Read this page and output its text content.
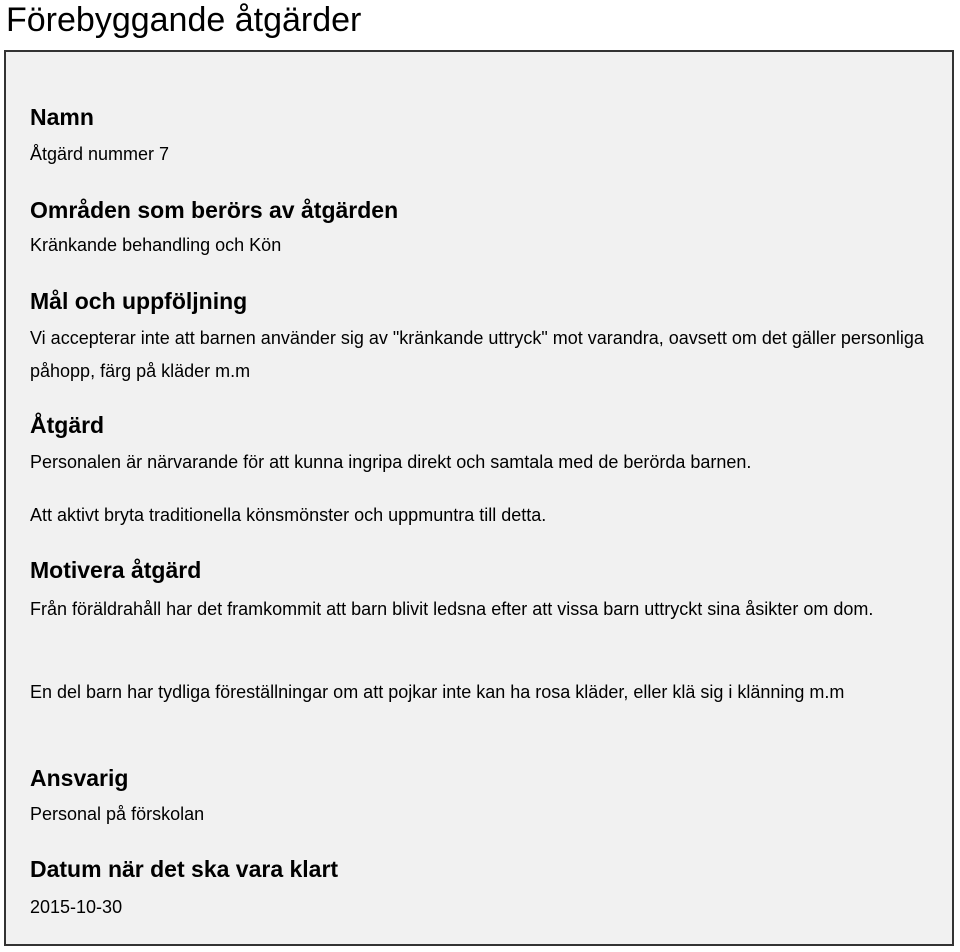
Förebyggande åtgärder
Namn

Åtgärd nummer 7

Områden som berörs av åtgärden

Kränkande behandling och Kön

Mål och uppföljning

Vi accepterar inte att barnen använder sig av "kränkande uttryck" mot varandra, oavsett om det gäller personliga påhopp, färg på kläder m.m

Åtgärd

Personalen är närvarande för att kunna ingripa direkt och samtala med de berörda barnen.

Att aktivt bryta traditionella könsmönster och uppmuntra till detta.

Motivera åtgärd

Från föräldrahåll har det framkommit att barn blivit ledsna efter att vissa barn uttryckt sina åsikter om dom.

En del barn har tydliga föreställningar om att pojkar inte kan ha rosa kläder, eller klä sig i klänning m.m

Ansvarig

Personal på förskolan

Datum när det ska vara klart

2015-10-30
